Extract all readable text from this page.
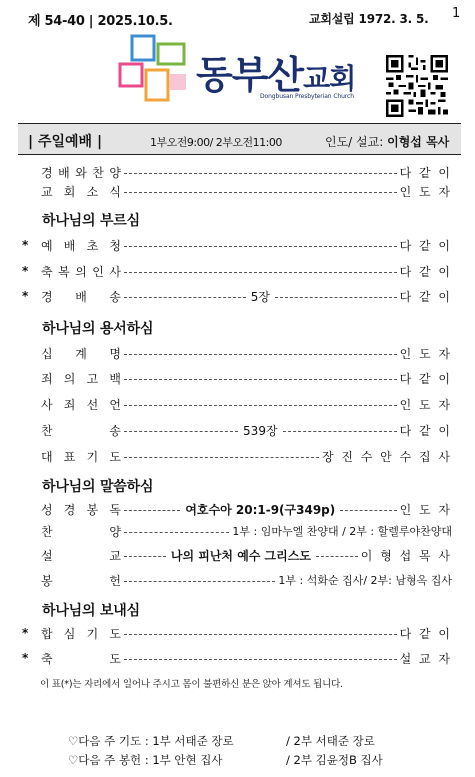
제 54-40 | 2025.10.5.	교회설립 1972. 3. 5. 1
동부산교회
Dongbusan Presbyterian Church
| 주일예배 |	1부오전9:00/ 2부오전11:00	인도/ 설교: 이형섭 목사
하나님의 부르심
하나님의 용서하심
하나님의 말씀하심
하나님의 보내심
경 배 와 찬 양	다 같 이
교 회 소 식	인 도 자
*	예 배 초 청	다 같 이
*	축 복 의 인 사	다 같 이
*	경 배 송	5장	다 같 이
십 계 명	인 도 자
죄 의 고 백	다 같 이
사 죄 선 언	인 도 자
찬	송	539장	다 같 이
대 표 기 도	장 진 수 안 수 집 사
성 경 봉 독	여호수아 20:1-9(구349p)	인 도 자
찬	양	1부 : 임마누엘 찬양대 / 2부 : 할렐루야찬양대
설	교	나의 피난처 예수 그리스도	이 형 섭 목 사
봉	헌	1부 : 석화순 집사/ 2부: 남형옥 집사
*	합 심 기 도	다 같 이
*	축	도	설 교 자
이 표(*)는 자리에서 일어나 주시고 몸이 불편하신 분은 앉아 계셔도 됩니다.
♡다음 주 기도 : 1부 서태준 장로	/ 2부 서태준 장로
♡다음 주 봉헌 : 1부 안현 집사	/ 2부 김윤정B 집사
